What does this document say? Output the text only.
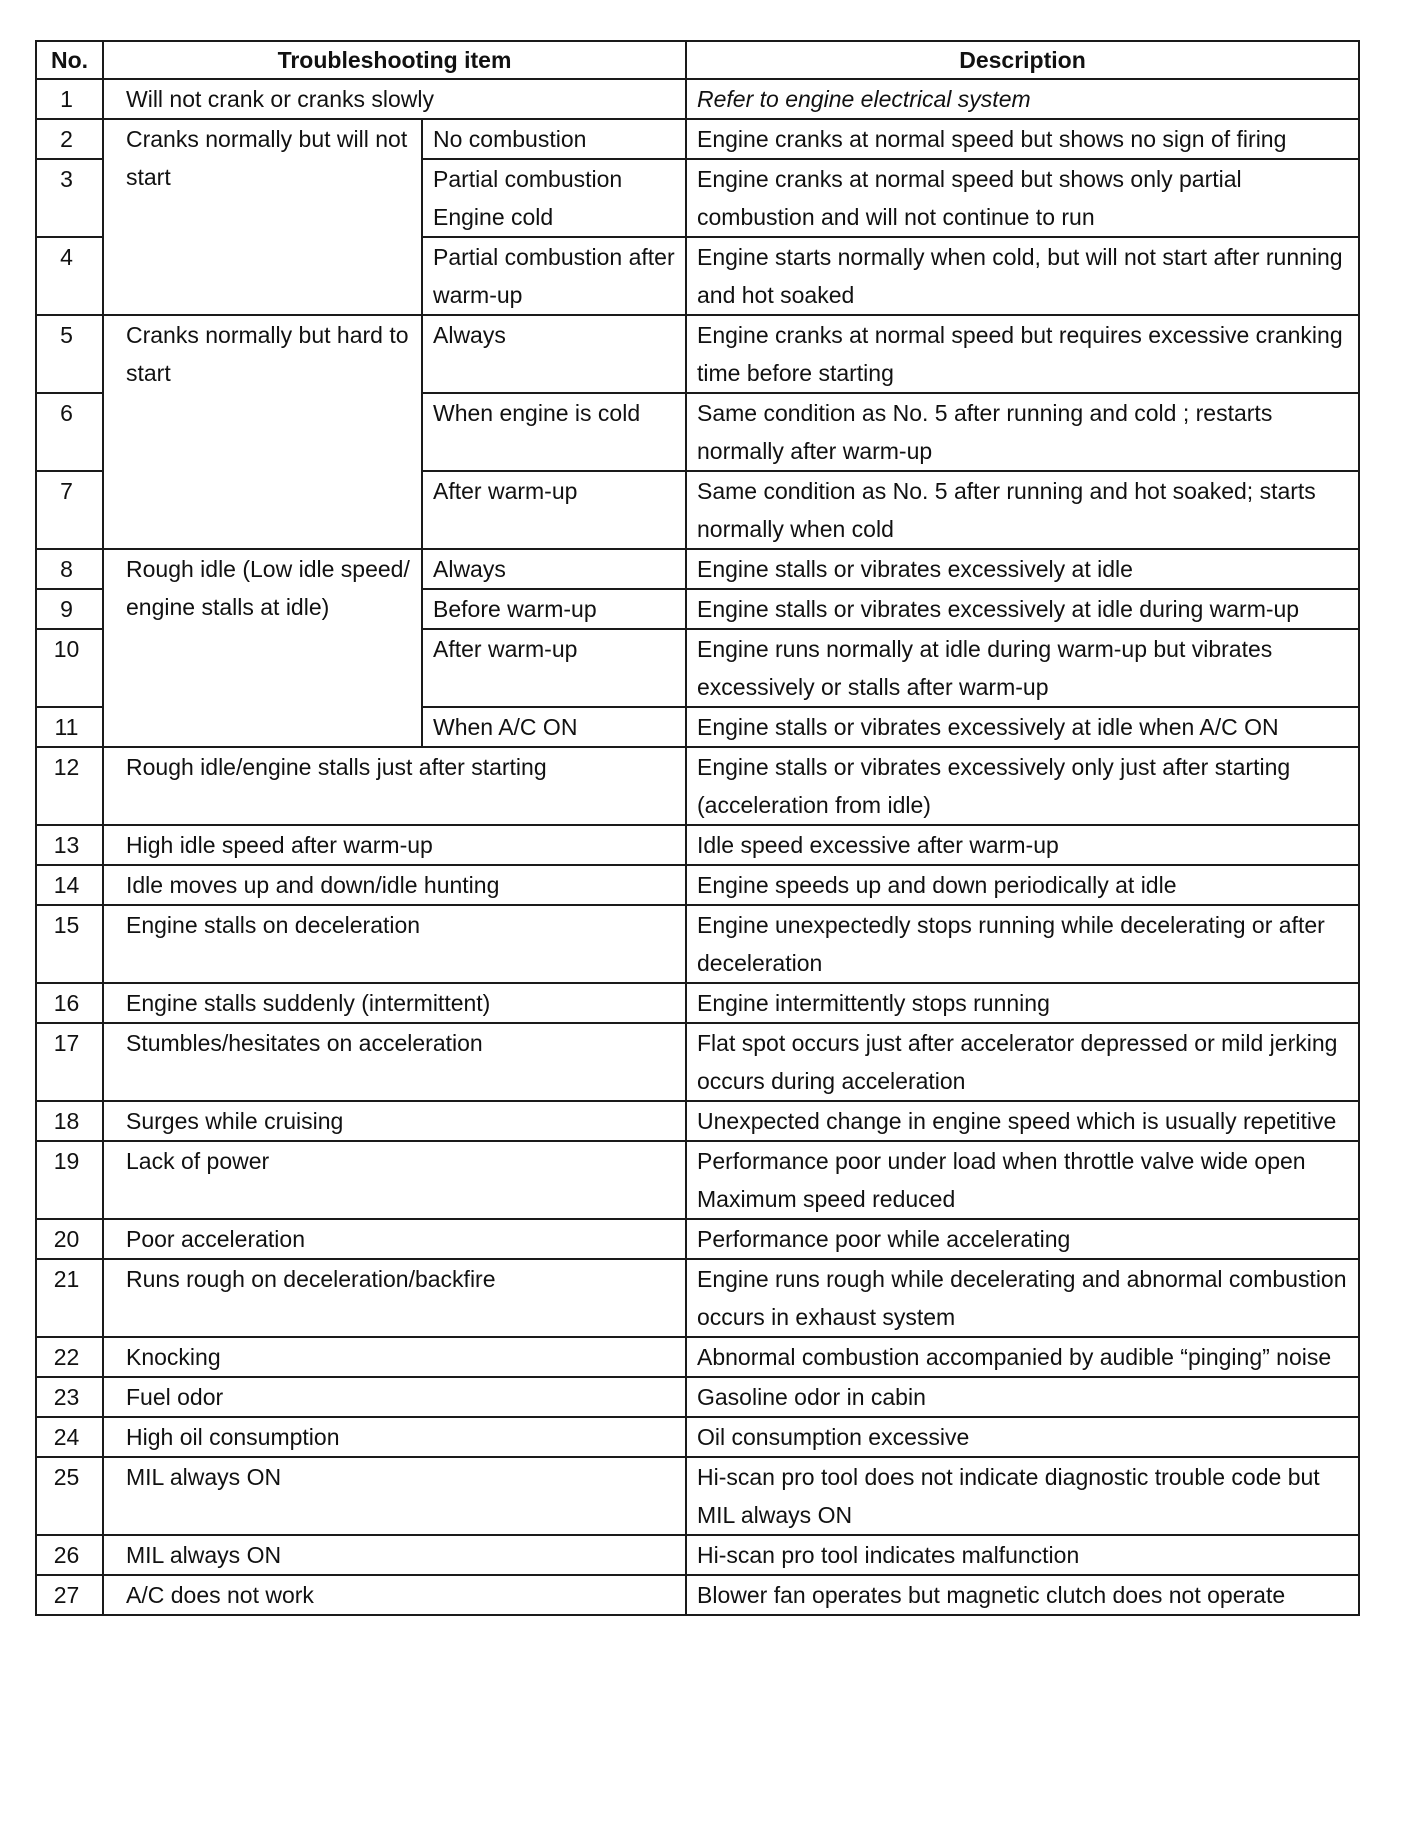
No.	Troubleshooting item		Description
1	Will not crank or cranks slowly		Refer to engine electrical system
2	Cranks normally but will not start	No combustion	Engine cranks at normal speed but shows no sign of firing
3		Partial combustion Engine cold	Engine cranks at normal speed but shows only partial combustion and will not continue to run
4		Partial combustion after warm-up	Engine starts normally when cold, but will not start after running and hot soaked
5	Cranks normally but hard to start	Always	Engine cranks at normal speed but requires excessive cranking time before starting
6		When engine is cold	Same condition as No. 5 after running and cold ; restarts normally after warm-up
7		After warm-up	Same condition as No. 5 after running and hot soaked; starts normally when cold
8	Rough idle (Low idle speed/ engine stalls at idle)	Always	Engine stalls or vibrates excessively at idle
9		Before warm-up	Engine stalls or vibrates excessively at idle during warm-up
10		After warm-up	Engine runs normally at idle during warm-up but vibrates excessively or stalls after warm-up
11		When A/C ON	Engine stalls or vibrates excessively at idle when A/C ON
12	Rough idle/engine stalls just after starting		Engine stalls or vibrates excessively only just after starting (acceleration from idle)
13	High idle speed after warm-up		Idle speed excessive after warm-up
14	Idle moves up and down/idle hunting		Engine speeds up and down periodically at idle
15	Engine stalls on deceleration		Engine unexpectedly stops running while decelerating or after deceleration
16	Engine stalls suddenly (intermittent)		Engine intermittently stops running
17	Stumbles/hesitates on acceleration		Flat spot occurs just after accelerator depressed or mild jerking occurs during acceleration
18	Surges while cruising		Unexpected change in engine speed which is usually repetitive
19	Lack of power		Performance poor under load when throttle valve wide open Maximum speed reduced
20	Poor acceleration		Performance poor while accelerating
21	Runs rough on deceleration/backfire		Engine runs rough while decelerating and abnormal combustion occurs in exhaust system
22	Knocking		Abnormal combustion accompanied by audible “pinging” noise
23	Fuel odor		Gasoline odor in cabin
24	High oil consumption		Oil consumption excessive
25	MIL always ON		Hi-scan pro tool does not indicate diagnostic trouble code but MIL always ON
26	MIL always ON		Hi-scan pro tool indicates malfunction
27	A/C does not work		Blower fan operates but magnetic clutch does not operate
